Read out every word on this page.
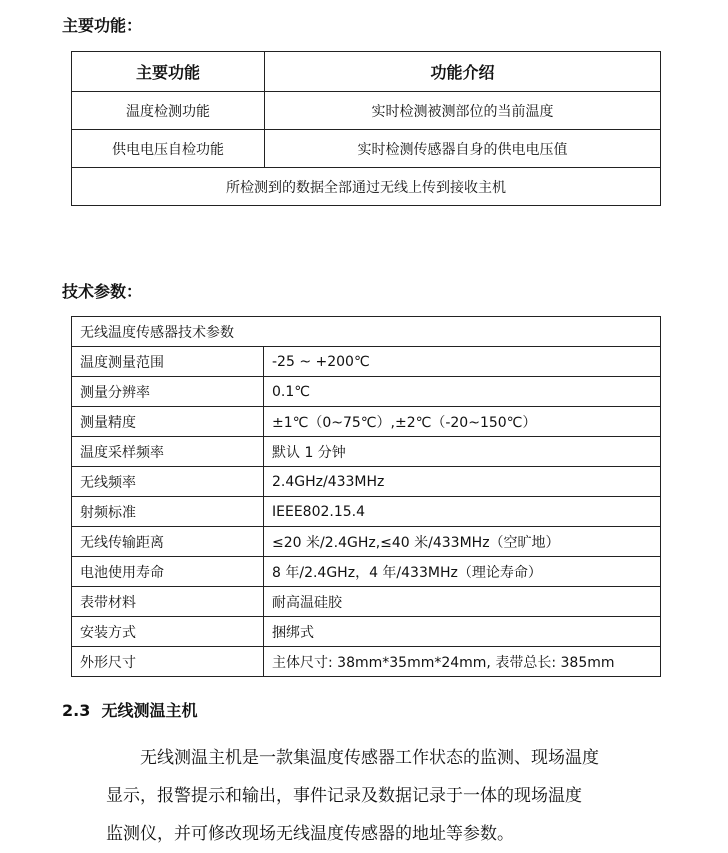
主要功能：
主要功能	功能介绍
温度检测功能	实时检测被测部位的当前温度
供电电压自检功能	实时检测传感器自身的供电电压值
所检测到的数据全部通过无线上传到接收主机	
技术参数：
无线温度传感器技术参数	
温度测量范围	-25 ~ +200℃
测量分辨率	0.1℃
测量精度	±1℃（0~75℃）,±2℃（-20~150℃）
温度采样频率	默认 1 分钟
无线频率	2.4GHz/433MHz
射频标准	IEEE802.15.4
无线传输距离	≤20 米/2.4GHz,≤40 米/433MHz（空旷地）
电池使用寿命	8 年/2.4GHz，4 年/433MHz（理论寿命）
表带材料	耐高温硅胶
安装方式	捆绑式
外形尺寸	主体尺寸: 38mm*35mm*24mm, 表带总长: 385mm
2.3  无线测温主机
无线测温主机是一款集温度传感器工作状态的监测、现场温度
显示，报警提示和输出，事件记录及数据记录于一体的现场温度
监测仪，并可修改现场无线温度传感器的地址等参数。
